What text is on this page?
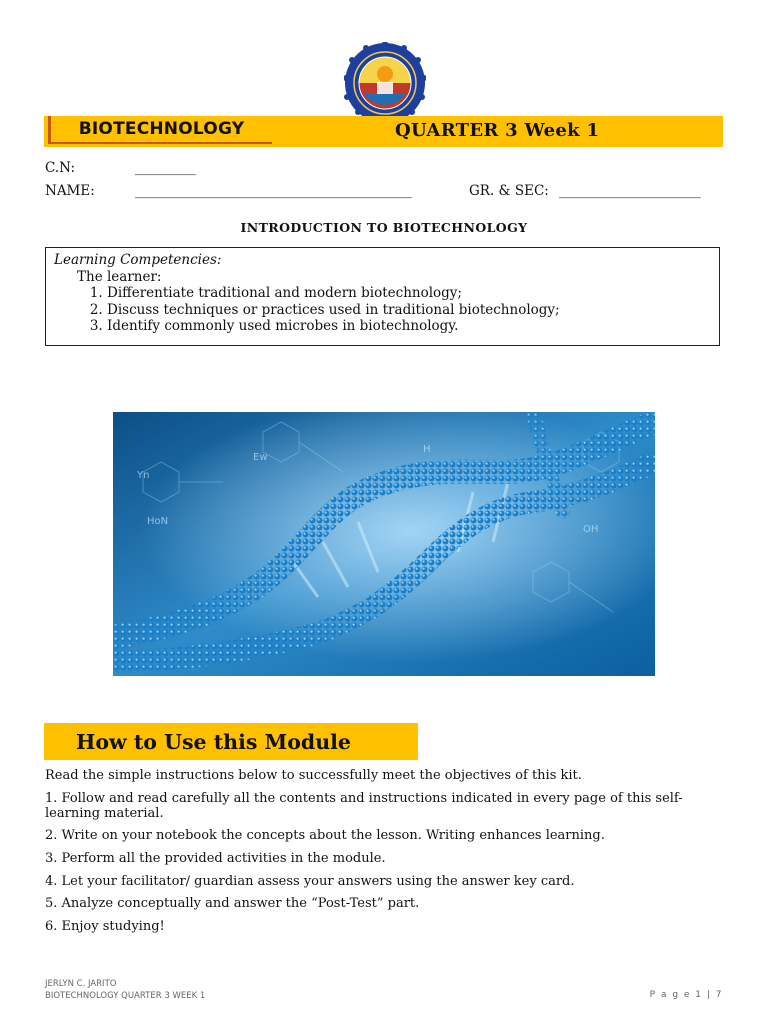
BIOTECHNOLOGY	QUARTER 3 Week 1
C.N:	_________
NAME:	_________________________________________	GR. & SEC: _____________________
INTRODUCTION TO BIOTECHNOLOGY
Learning Competencies:
The learner:
1. Differentiate traditional and modern biotechnology;
2. Discuss techniques or practices used in traditional biotechnology;
3. Identify commonly used microbes in biotechnology.
Ew
Yn
HoN
H
OH
How to Use this Module
Read the simple instructions below to successfully meet the objectives of this kit.
1. Follow and read carefully all the contents and instructions indicated in every page of this self-learning material.
2. Write on your notebook the concepts about the lesson. Writing enhances learning.
3. Perform all the provided activities in the module.
4. Let your facilitator/ guardian assess your answers using the answer key card.
5. Analyze conceptually and answer the “Post-Test” part.
6. Enjoy studying!
JERLYN C. JARITO
BIOTECHNOLOGY QUARTER 3 WEEK 1	P a g e 1 | 7
